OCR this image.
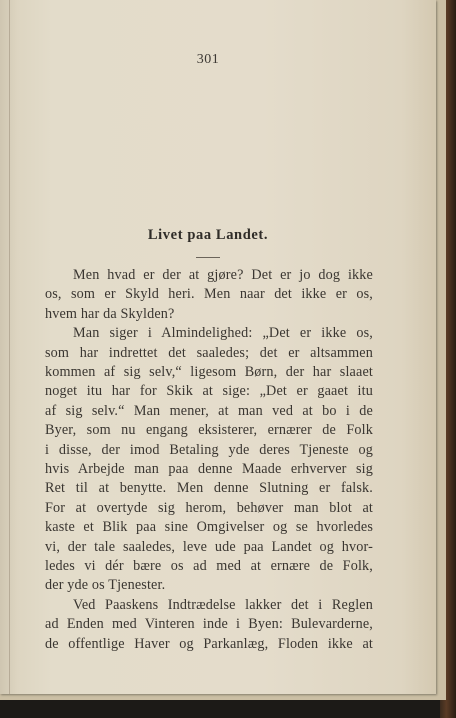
301
Livet paa Landet.
Men hvad er der at gjøre? Det er jo dog ikke
os, som er Skyld heri. Men naar det ikke er os,
hvem har da Skylden?
Man siger i Almindelighed: „Det er ikke os,
som har indrettet det saaledes; det er altsammen
kommen af sig selv,“ ligesom Børn, der har slaaet
noget itu har for Skik at sige: „Det er gaaet itu
af sig selv.“ Man mener, at man ved at bo i de
Byer, som nu engang eksisterer, ernærer de Folk
i disse, der imod Betaling yde deres Tjeneste og
hvis Arbejde man paa denne Maade erhverver sig
Ret til at benytte. Men denne Slutning er falsk.
For at overtyde sig herom, behøver man blot at
kaste et Blik paa sine Omgivelser og se hvorledes
vi, der tale saaledes, leve ude paa Landet og hvor-
ledes vi dér bære os ad med at ernære de Folk,
der yde os Tjenester.
Ved Paaskens Indtrædelse lakker det i Reglen
ad Enden med Vinteren inde i Byen: Bulevarderne,
de offentlige Haver og Parkanlæg, Floden ikke at
